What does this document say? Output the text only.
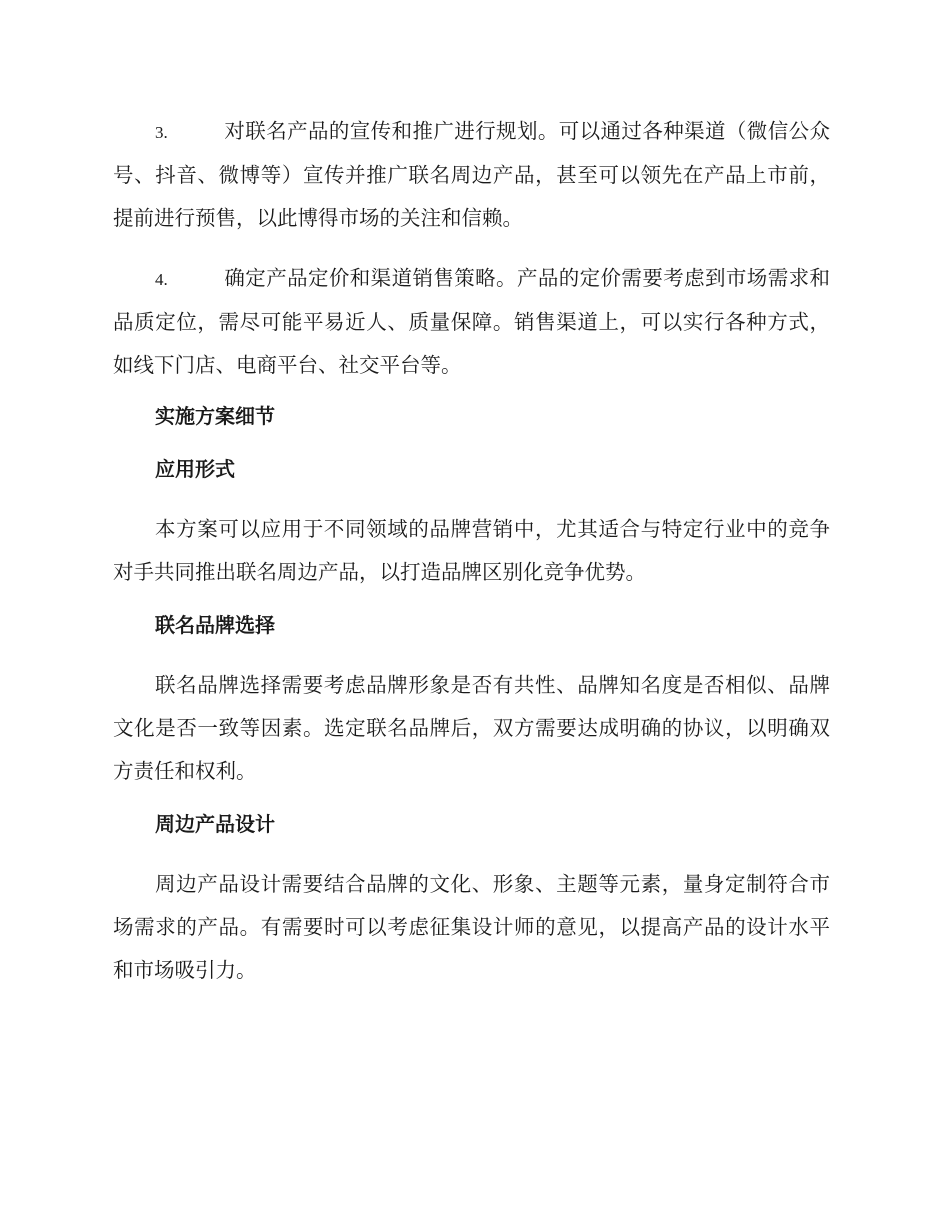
3.	对联名产品的宣传和推广进行规划。可以通过各种渠道（微信公众号、抖音、微博等）宣传并推广联名周边产品，甚至可以领先在产品上市前，提前进行预售，以此博得市场的关注和信赖。

4.	确定产品定价和渠道销售策略。产品的定价需要考虑到市场需求和品质定位，需尽可能平易近人、质量保障。销售渠道上，可以实行各种方式，如线下门店、电商平台、社交平台等。

实施方案细节
应用形式

本方案可以应用于不同领域的品牌营销中，尤其适合与特定行业中的竞争对手共同推出联名周边产品，以打造品牌区别化竞争优势。

联名品牌选择

联名品牌选择需要考虑品牌形象是否有共性、品牌知名度是否相似、品牌文化是否一致等因素。选定联名品牌后，双方需要达成明确的协议，以明确双方责任和权利。

周边产品设计

周边产品设计需要结合品牌的文化、形象、主题等元素，量身定制符合市场需求的产品。有需要时可以考虑征集设计师的意见，以提高产品的设计水平和市场吸引力。
